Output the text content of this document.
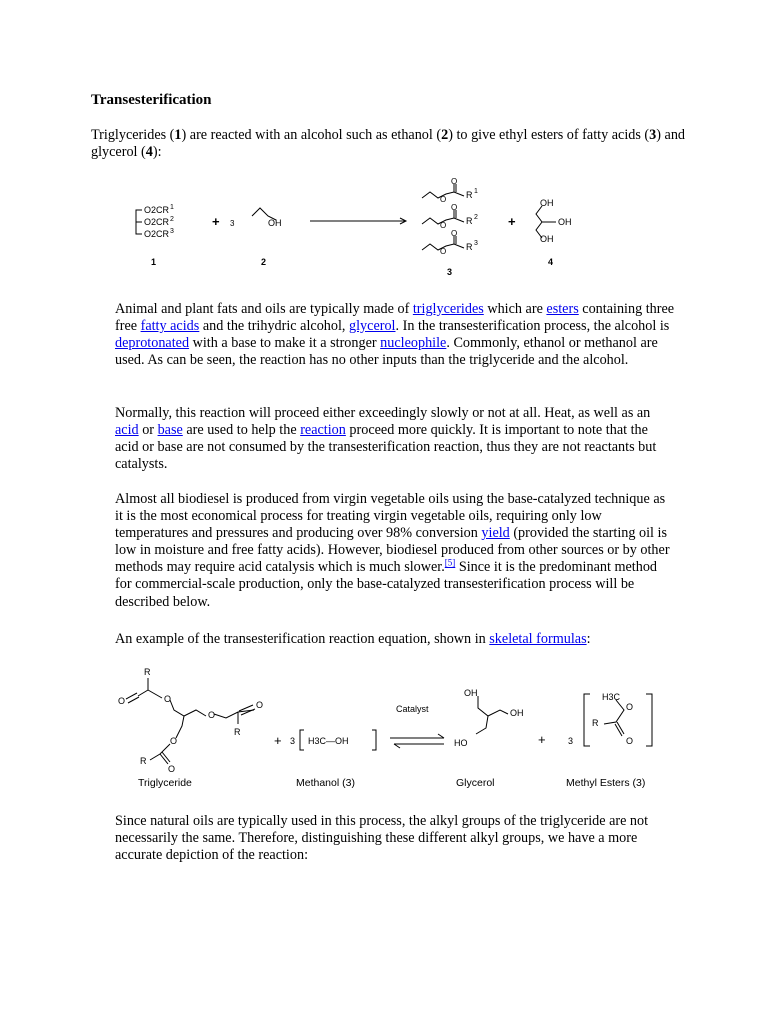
Transesterification

Triglycerides (1) are reacted with an alcohol such as ethanol (2) to give ethyl esters of fatty acids (3) and glycerol (4):

O2CR 1
O2CR 2
O2CR 3
+ 3	OH
O
O R 1
O
O R 2
O
O R 3
+
OH
OH
OH
1	2
3
4

Animal and plant fats and oils are typically made of triglycerides which are esters containing three free fatty acids and the trihydric alcohol, glycerol. In the transesterification process, the alcohol is deprotonated with a base to make it a stronger nucleophile. Commonly, ethanol or methanol are used. As can be seen, the reaction has no other inputs than the triglyceride and the alcohol.

Normally, this reaction will proceed either exceedingly slowly or not at all. Heat, as well as an acid or base are used to help the reaction proceed more quickly. It is important to note that the acid or base are not consumed by the transesterification reaction, thus they are not reactants but catalysts.

Almost all biodiesel is produced from virgin vegetable oils using the base-catalyzed technique as it is the most economical process for treating virgin vegetable oils, requiring only low temperatures and pressures and producing over 98% conversion yield (provided the starting oil is low in moisture and free fatty acids). However, biodiesel produced from other sources or by other methods may require acid catalysis which is much slower.[5] Since it is the predominant method for commercial-scale production, only the base-catalyzed transesterification process will be described below.

An example of the transesterification reaction equation, shown in skeletal formulas:

R
O	O
O
O
R
O
R
O
+ 3 H3C—OH
Catalyst
OH
OH
HO	+ 3
H3C
R
O
O
Triglyceride	Methanol (3)	Glycerol	Methyl Esters (3)

Since natural oils are typically used in this process, the alkyl groups of the triglyceride are not necessarily the same. Therefore, distinguishing these different alkyl groups, we have a more accurate depiction of the reaction:
